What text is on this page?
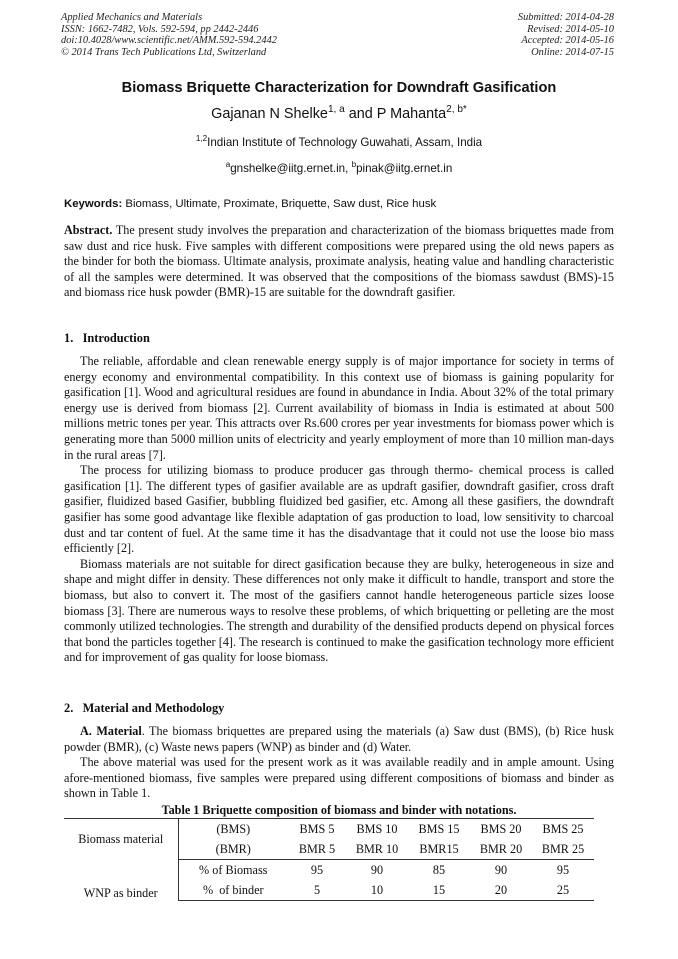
Applied Mechanics and Materials
ISSN: 1662-7482, Vols. 592-594, pp 2442-2446
doi:10.4028/www.scientific.net/AMM.592-594.2442
© 2014 Trans Tech Publications Ltd, Switzerland
Submitted: 2014-04-28
Revised: 2014-05-10
Accepted: 2014-05-16
Online: 2014-07-15
Biomass Briquette Characterization for Downdraft Gasification
Gajanan N Shelke$^{1, a}$ and P Mahanta$^{2, b*}$
$^{1,2}$Indian Institute of Technology Guwahati, Assam, India
$^a$gnshelke@iitg.ernet.in, $^b$pinak@iitg.ernet.in
Keywords: Biomass, Ultimate, Proximate, Briquette, Saw dust, Rice husk

Abstract. The present study involves the preparation and characterization of the biomass briquettes made from saw dust and rice husk. Five samples with different compositions were prepared using the old news papers as the binder for both the biomass. Ultimate analysis, proximate analysis, heating value and handling characteristic of all the samples were determined. It was observed that the compositions of the biomass sawdust (BMS)-15 and biomass rice husk powder (BMR)-15 are suitable for the downdraft gasifier.

1.   Introduction

The reliable, affordable and clean renewable energy supply is of major importance for society in terms of energy economy and environmental compatibility. In this context use of biomass is gaining popularity for gasification [1]. Wood and agricultural residues are found in abundance in India. About 32% of the total primary energy use is derived from biomass [2]. Current availability of biomass in India is estimated at about 500 millions metric tones per year. This attracts over Rs.600 crores per year investments for biomass power which is generating more than 5000 million units of electricity and yearly employment of more than 10 million man-days in the rural areas [7].

The process for utilizing biomass to produce producer gas through thermo- chemical process is called gasification [1]. The different types of gasifier available are as updraft gasifier, downdraft gasifier, cross draft gasifier, fluidized based Gasifier, bubbling fluidized bed gasifier, etc. Among all these gasifiers, the downdraft gasifier has some good advantage like flexible adaptation of gas production to load, low sensitivity to charcoal dust and tar content of fuel. At the same time it has the disadvantage that it could not use the loose bio mass efficiently [2].

Biomass materials are not suitable for direct gasification because they are bulky, heterogeneous in size and shape and might differ in density. These differences not only make it difficult to handle, transport and store the biomass, but also to convert it. The most of the gasifiers cannot handle heterogeneous particle sizes loose biomass [3]. There are numerous ways to resolve these problems, of which briquetting or pelleting are the most commonly utilized technologies. The strength and durability of the densified products depend on physical forces that bond the particles together [4]. The research is continued to make the gasification technology more efficient and for improvement of gas quality for loose biomass.

2.   Material and Methodology

A. Material. The biomass briquettes are prepared using the materials (a) Saw dust (BMS), (b) Rice husk powder (BMR), (c) Waste news papers (WNP) as binder and (d) Water.

The above material was used for the present work as it was available readily and in ample amount. Using afore-mentioned biomass, five samples were prepared using different compositions of biomass and binder as shown in Table 1.

Table 1 Briquette composition of biomass and binder with notations.
Biomass material	(BMS)	BMS 5	BMS 10	BMS 15	BMS 20	BMS 25
	(BMR)	BMR 5	BMR 10	BMR15	BMR 20	BMR 25
WNP as binder	% of Biomass	95	90	85	90	95
	%  of binder	5	10	15	20	25
